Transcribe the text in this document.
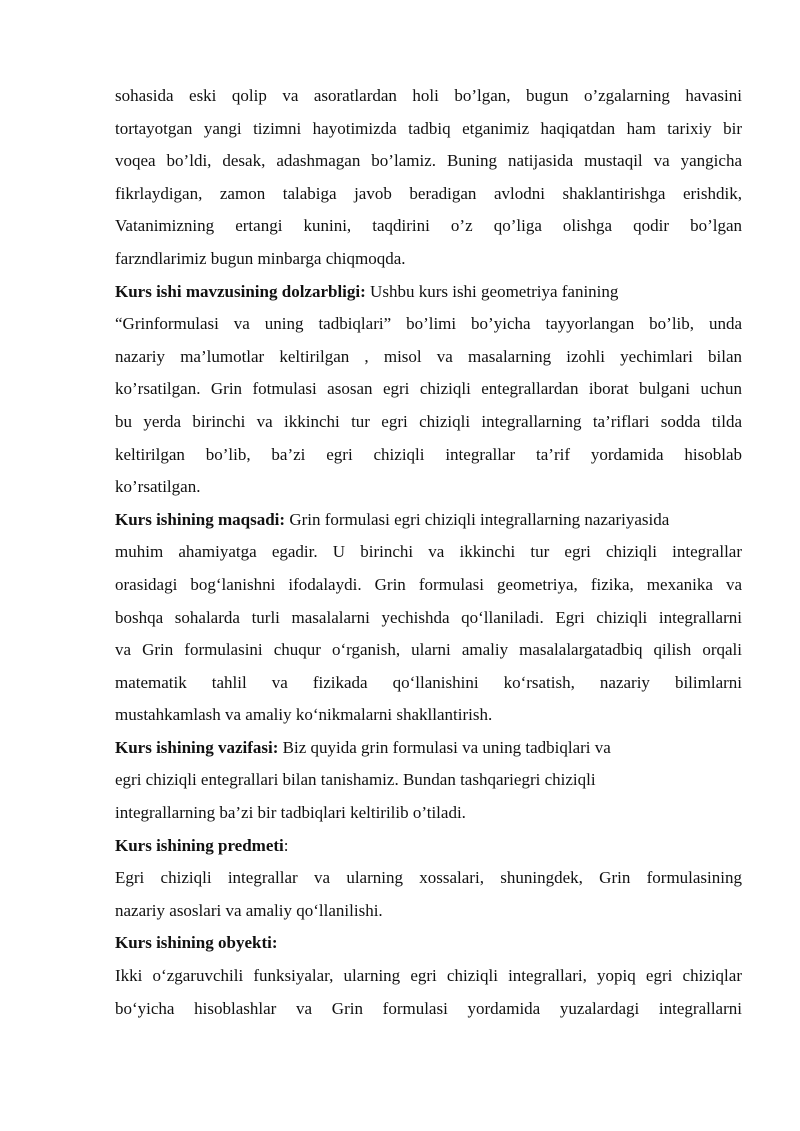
sohasida eski qolip va asoratlardan holi bo’lgan, bugun o’zgalarning havasini
tortayotgan yangi tizimni hayotimizda tadbiq etganimiz haqiqatdan ham tarixiy bir
voqea bo’ldi, desak, adashmagan bo’lamiz. Buning natijasida mustaqil va yangicha
fikrlaydigan, zamon talabiga javob beradigan avlodni shaklantirishga erishdik,
Vatanimizning ertangi kunini, taqdirini o’z qo’liga olishga qodir bo’lgan
farzndlarimiz bugun minbarga chiqmoqda.
Kurs ishi mavzusining dolzarbligi: Ushbu kurs ishi geometriya fanining
“Grinformulasi va uning tadbiqlari” bo’limi bo’yicha tayyorlangan bo’lib, unda
nazariy ma’lumotlar keltirilgan , misol va masalarning izohli yechimlari bilan
ko’rsatilgan. Grin fotmulasi asosan egri chiziqli entegrallardan iborat bulgani uchun
bu yerda birinchi va ikkinchi tur egri chiziqli integrallarning ta’riflari sodda tilda
keltirilgan bo’lib, ba’zi egri chiziqli integrallar ta’rif yordamida hisoblab
ko’rsatilgan.
Kurs ishining maqsadi: Grin formulasi egri chiziqli integrallarning nazariyasida
muhim ahamiyatga egadir. U birinchi va ikkinchi tur egri chiziqli integrallar
orasidagi bog‘lanishni ifodalaydi. Grin formulasi geometriya, fizika, mexanika va
boshqa sohalarda turli masalalarni yechishda qo‘llaniladi. Egri chiziqli integrallarni
va Grin formulasini chuqur o‘rganish, ularni amaliy masalalargatadbiq qilish orqali
matematik tahlil va fizikada qo‘llanishini ko‘rsatish, nazariy bilimlarni
mustahkamlash va amaliy ko‘nikmalarni shakllantirish.
Kurs ishining vazifasi: Biz quyida grin formulasi va uning tadbiqlari va
egri chiziqli entegrallari bilan tanishamiz. Bundan tashqariegri chiziqli
integrallarning ba’zi bir tadbiqlari keltirilib o’tiladi.
Kurs ishining predmeti:
Egri chiziqli integrallar va ularning xossalari, shuningdek, Grin formulasining
nazariy asoslari va amaliy qo‘llanilishi.
Kurs ishining obyekti:
Ikki o‘zgaruvchili funksiyalar, ularning egri chiziqli integrallari, yopiq egri chiziqlar
bo‘yicha hisoblashlar va Grin formulasi yordamida yuzalardagi integrallarni
